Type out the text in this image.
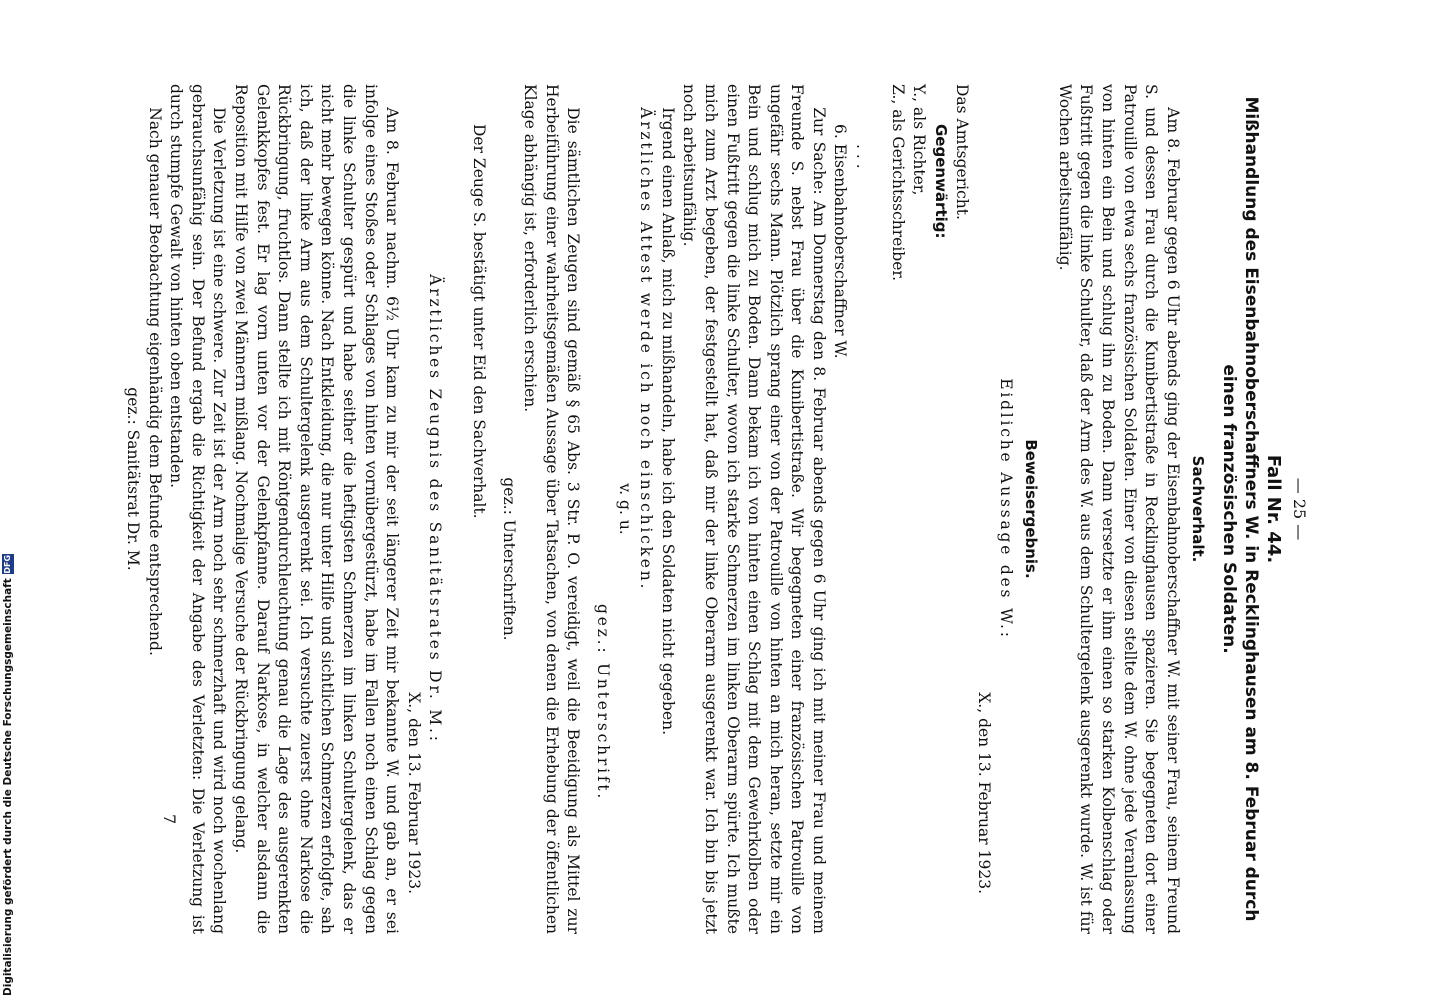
— 25 —
Fall Nr. 44.
Mißhandlung des Eisenbahnoberschaffners W. in Recklinghausen am 8. Februar durch einen französischen Soldaten.
Sachverhalt.

Am 8. Februar gegen 6 Uhr abends ging der Eisenbahnoberschaffner W. mit seiner Frau, seinem Freund S. und dessen Frau durch die Kunibertistraße in Recklinghausen spazieren. Sie begegneten dort einer Patrouille von etwa sechs französischen Soldaten. Einer von diesen stellte dem W. ohne jede Veranlassung von hinten ein Bein und schlug ihn zu Boden. Dann versetzte er ihm einen so starken Kolbenschlag oder Fußtritt gegen die linke Schulter, daß der Arm des W. aus dem Schultergelenk ausgerenkt wurde. W. ist für Wochen arbeitsunfähig.

Beweisergebnis.
Eidliche Aussage des W.:
X., den 13. Februar 1923.
Das Amtsgericht.
Gegenwärtig:
Y., als Richter,
Z., als Gerichtsschreiber.
. . .
6. Eisenbahnoberschaffner W.

Zur Sache: Am Donnerstag den 8. Februar abends gegen 6 Uhr ging ich mit meiner Frau und meinem Freunde S. nebst Frau über die Kunibertistraße. Wir begegneten einer französischen Patrouille von ungefähr sechs Mann. Plötzlich sprang einer von der Patrouille von hinten an mich heran, setzte mir ein Bein und schlug mich zu Boden. Dann bekam ich von hinten einen Schlag mit dem Gewehrkolben oder einen Fußtritt gegen die linke Schulter, wovon ich starke Schmerzen im linken Oberarm spürte. Ich mußte mich zum Arzt begeben, der festgestellt hat, daß mir der linke Oberarm ausgerenkt war. Ich bin bis jetzt noch arbeitsunfähig.

Irgend einen Anlaß, mich zu mißhandeln, habe ich den Soldaten nicht gegeben.

Ärztliches Attest werde ich noch einschicken.

v. g. u.
gez.: Unterschrift.

Die sämtlichen Zeugen sind gemäß § 65 Abs. 3 Str. P. O. vereidigt, weil die Beeidigung als Mittel zur Herbeiführung einer wahrheitsgemäßen Aussage über Tatsachen, von denen die Erhebung der öffentlichen Klage abhängig ist, erforderlich erschien.

gez.: Unterschriften.
Der Zeuge S. bestätigt unter Eid den Sachverhalt.
Ärztliches Zeugnis des Sanitätsrates Dr. M.:
X., den 13. Februar 1923.

Am 8. Februar nachm. 6½ Uhr kam zu mir der seit längerer Zeit mir bekannte W. und gab an, er sei infolge eines Stoßes oder Schlages von hinten vornübergestürzt, habe im Fallen noch einen Schlag gegen die linke Schulter gespürt und habe seither die heftigsten Schmerzen im linken Schultergelenk, das er nicht mehr bewegen könne. Nach Entkleidung, die nur unter Hilfe und sichtlichen Schmerzen erfolgte, sah ich, daß der linke Arm aus dem Schultergelenk ausgerenkt sei. Ich versuchte zuerst ohne Narkose die Rückbringung, fruchtlos. Dann stellte ich mit Röntgendurchleuchtung genau die Lage des ausgerenkten Gelenkkopfes fest. Er lag vorn unten vor der Gelenkpfanne. Darauf Narkose, in welcher alsdann die Reposition mit Hilfe von zwei Männern mißlang. Nochmalige Versuche der Rückbringung gelang.

Die Verletzung ist eine schwere. Zur Zeit ist der Arm noch sehr schmerzhaft und wird noch wochenlang gebrauchsunfähig sein. Der Befund ergab die Richtigkeit der Angabe des Verletzten: Die Verletzung ist durch stumpfe Gewalt von hinten oben entstanden.

Nach genauer Beobachtung eigenhändig dem Befunde entsprechend.

gez.: Sanitätsrat Dr. M.
7
Digitalisierung gefördert durch die Deutsche Forschungsgemeinschaft
DFG
